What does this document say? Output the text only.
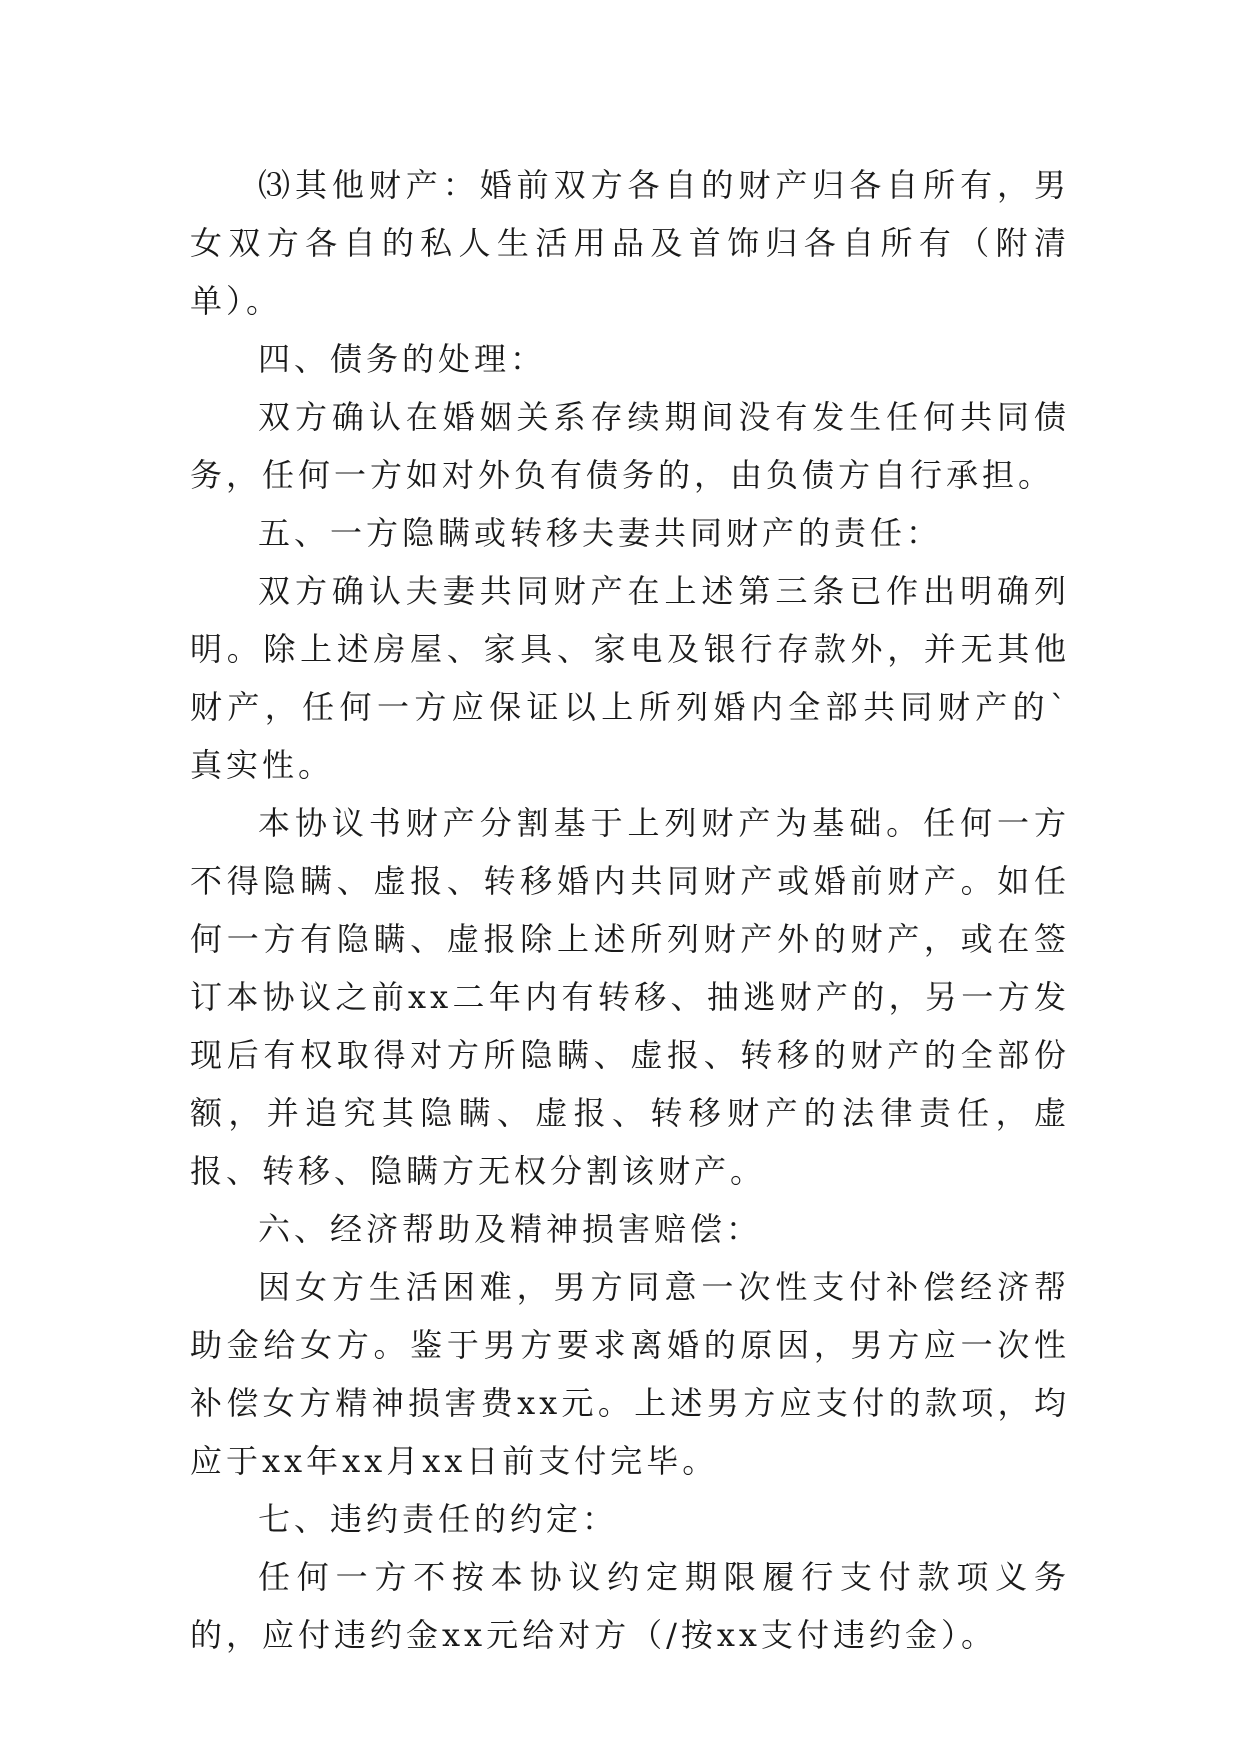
⑶其他财产：婚前双方各自的财产归各自所有，男女双方各自的私人生活用品及首饰归各自所有（附清单）。

四、债务的处理：

双方确认在婚姻关系存续期间没有发生任何共同债务，任何一方如对外负有债务的，由负债方自行承担。

五、一方隐瞒或转移夫妻共同财产的责任：

双方确认夫妻共同财产在上述第三条已作出明确列明。除上述房屋、家具、家电及银行存款外，并无其他财产，任何一方应保证以上所列婚内全部共同财产的`真实性。

本协议书财产分割基于上列财产为基础。任何一方不得隐瞒、虚报、转移婚内共同财产或婚前财产。如任何一方有隐瞒、虚报除上述所列财产外的财产，或在签订本协议之前xx二年内有转移、抽逃财产的，另一方发现后有权取得对方所隐瞒、虚报、转移的财产的全部份额，并追究其隐瞒、虚报、转移财产的法律责任，虚报、转移、隐瞒方无权分割该财产。

六、经济帮助及精神损害赔偿：

因女方生活困难，男方同意一次性支付补偿经济帮助金给女方。鉴于男方要求离婚的原因，男方应一次性补偿女方精神损害费xx元。上述男方应支付的款项，均应于xx年xx月xx日前支付完毕。

七、违约责任的约定：

任何一方不按本协议约定期限履行支付款项义务的，应付违约金xx元给对方（/按xx支付违约金）。
